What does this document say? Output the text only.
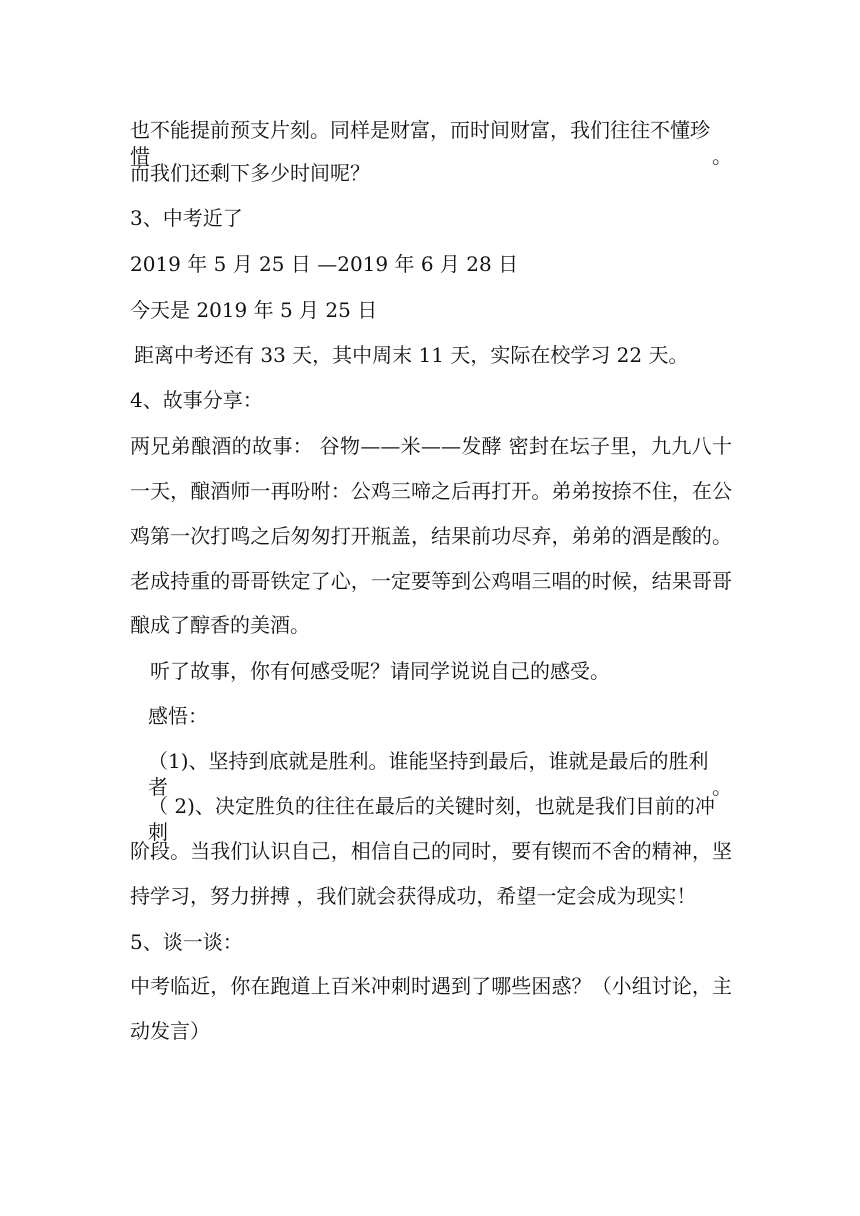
也不能提前预支片刻。同样是财富，而时间财富，我们往往不懂珍惜。
而我们还剩下多少时间呢？
3、中考近了
2019 年 5 月 25 日 —2019 年 6 月 28 日
今天是 2019 年 5 月 25 日
距离中考还有 33 天，其中周末 11 天，实际在校学习 22 天。
4、故事分享：
两兄弟酿酒的故事： 谷物——米——发酵 密封在坛子里，九九八十
一天，酿酒师一再吩咐：公鸡三啼之后再打开。弟弟按捺不住，在公
鸡第一次打鸣之后匆匆打开瓶盖，结果前功尽弃，弟弟的酒是酸的。
老成持重的哥哥铁定了心，一定要等到公鸡唱三唱的时候，结果哥哥
酿成了醇香的美酒。
听了故事，你有何感受呢？请同学说说自己的感受。
感悟：
（1)、坚持到底就是胜利。谁能坚持到最后，谁就是最后的胜利者。
（ 2)、决定胜负的往往在最后的关键时刻，也就是我们目前的冲刺
阶段。当我们认识自己，相信自己的同时，要有锲而不舍的精神，坚
持学习，努力拼搏 ，我们就会获得成功，希望一定会成为现实！
5、谈一谈：
中考临近，你在跑道上百米冲刺时遇到了哪些困惑？（小组讨论，主
动发言）
